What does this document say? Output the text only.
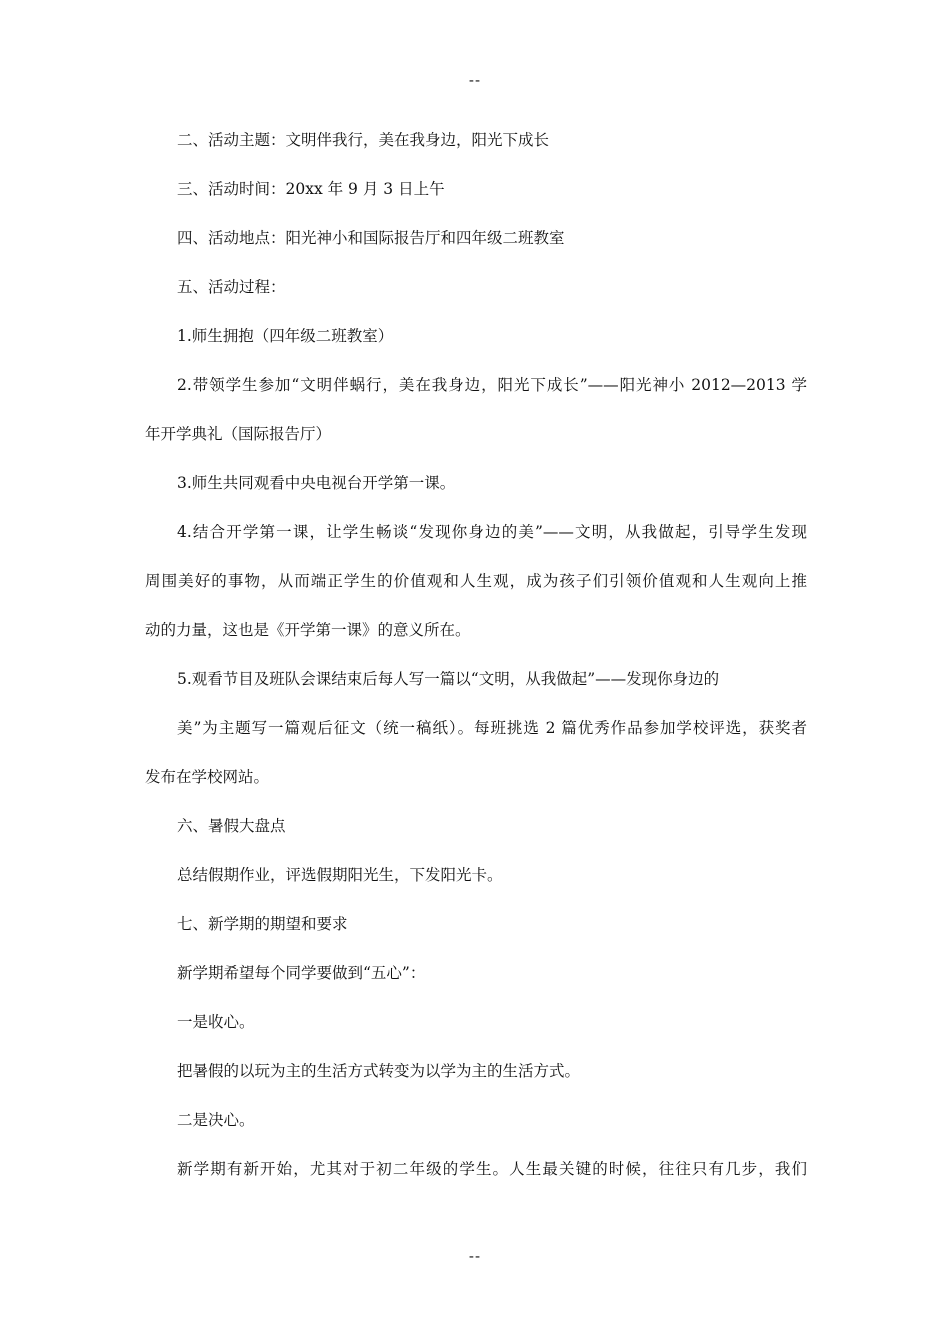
--
二、活动主题：文明伴我行，美在我身边，阳光下成长
三、活动时间：20xx 年 9 月 3 日上午
四、活动地点：阳光神小和国际报告厅和四年级二班教室
五、活动过程：
1.师生拥抱（四年级二班教室）
2.带领学生参加“文明伴蜗行，美在我身边，阳光下成长”——阳光神小 2012—2013 学
年开学典礼（国际报告厅）
3.师生共同观看中央电视台开学第一课。
4.结合开学第一课，让学生畅谈“发现你身边的美”——文明，从我做起，引导学生发现
周围美好的事物，从而端正学生的价值观和人生观，成为孩子们引领价值观和人生观向上推
动的力量，这也是《开学第一课》的意义所在。
5.观看节目及班队会课结束后每人写一篇以“文明，从我做起”——发现你身边的
美”为主题写一篇观后征文（统一稿纸）。每班挑选 2 篇优秀作品参加学校评选，获奖者
发布在学校网站。
六、暑假大盘点
总结假期作业，评选假期阳光生，下发阳光卡。
七、新学期的期望和要求
新学期希望每个同学要做到“五心”：
一是收心。
把暑假的以玩为主的生活方式转变为以学为主的生活方式。
二是决心。
新学期有新开始，尤其对于初二年级的学生。人生最关键的时候，往往只有几步，我们
--
